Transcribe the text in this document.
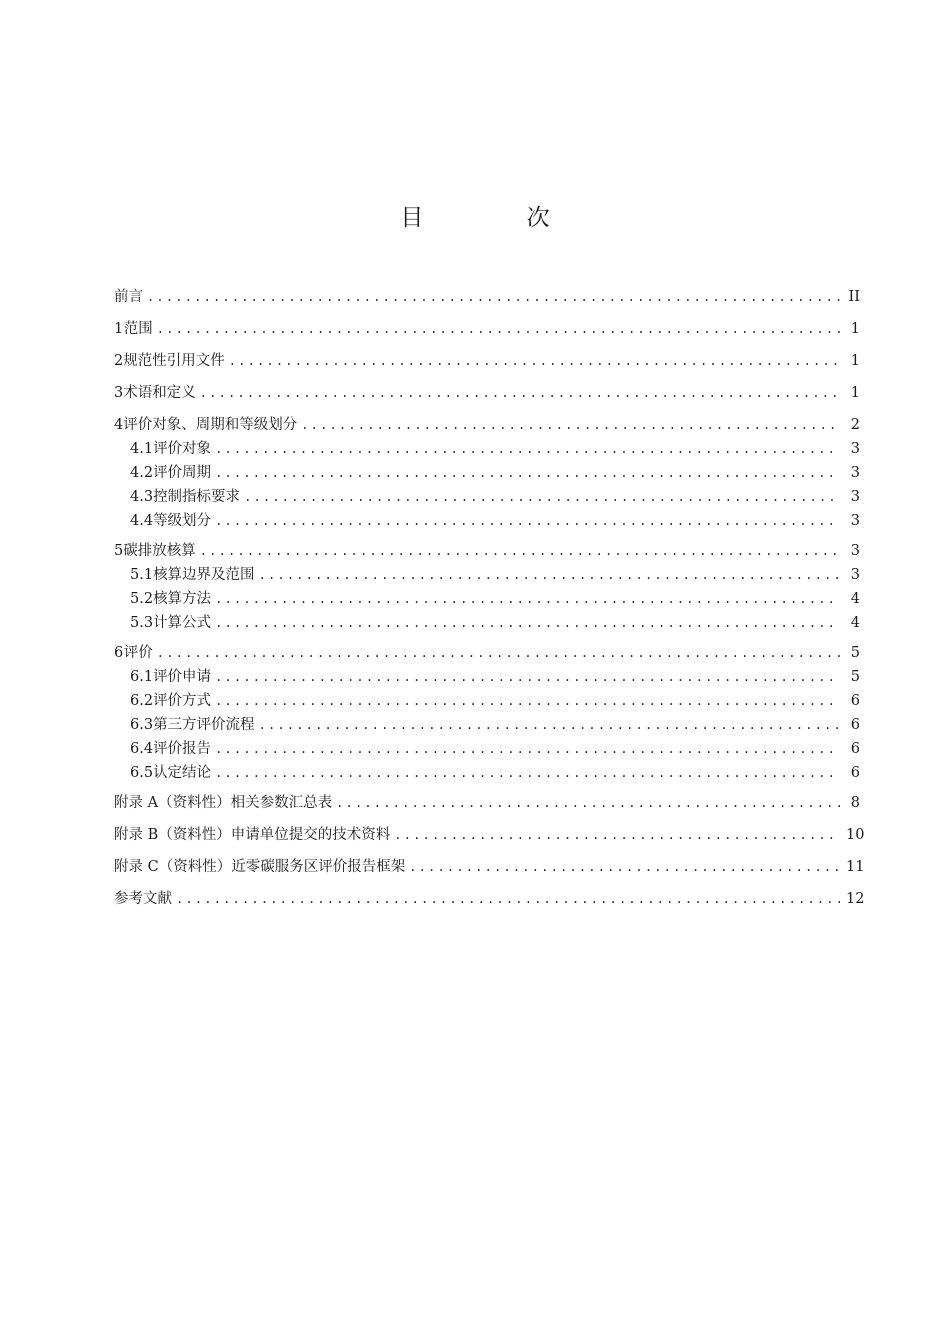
目 次
前言 .....	II
1 范围 .....	1
2 规范性引用文件 .....	1
3 术语和定义 .....	1
4 评价对象、周期和等级划分 .....	2
4.1 评价对象 .....	3
4.2 评价周期 .....	3
4.3 控制指标要求 .....	3
4.4 等级划分 .....	3
5 碳排放核算 .....	3
5.1 核算边界及范围 .....	3
5.2 核算方法 .....	4
5.3 计算公式 .....	4
6 评价 .....	5
6.1 评价申请 .....	5
6.2 评价方式 .....	6
6.3 第三方评价流程 .....	6
6.4 评价报告 .....	6
6.5 认定结论 .....	6
附录 A（资料性） 相关参数汇总表 .....	8
附录 B（资料性） 申请单位提交的技术资料 .....	10
附录 C（资料性） 近零碳服务区评价报告框架 .....	11
参考文献 .....	12
